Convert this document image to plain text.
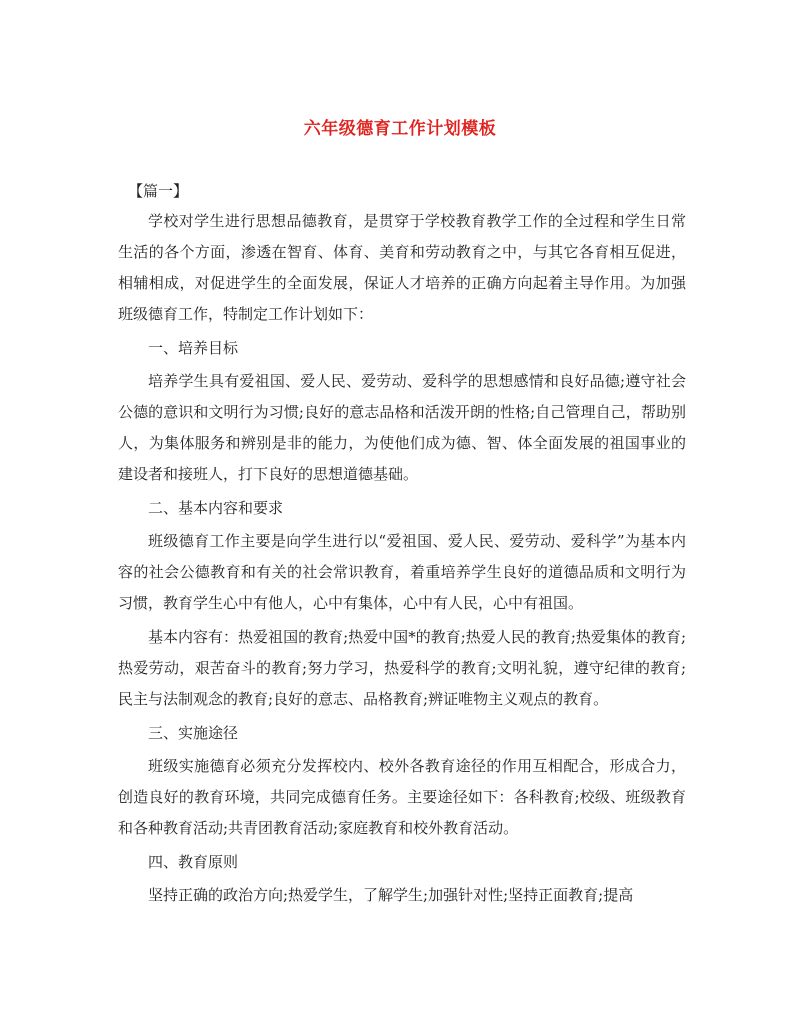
六年级德育工作计划模板

【篇一】

学校对学生进行思想品德教育，是贯穿于学校教育教学工作的全过程和学生日常生活的各个方面，渗透在智育、体育、美育和劳动教育之中，与其它各育相互促进，相辅相成，对促进学生的全面发展，保证人才培养的正确方向起着主导作用。为加强班级德育工作，特制定工作计划如下：

一、培养目标

培养学生具有爱祖国、爱人民、爱劳动、爱科学的思想感情和良好品德;遵守社会公德的意识和文明行为习惯;良好的意志品格和活泼开朗的性格;自己管理自己，帮助别人，为集体服务和辨别是非的能力，为使他们成为德、智、体全面发展的祖国事业的建设者和接班人，打下良好的思想道德基础。

二、基本内容和要求

班级德育工作主要是向学生进行以“爱祖国、爱人民、爱劳动、爱科学”为基本内容的社会公德教育和有关的社会常识教育，着重培养学生良好的道德品质和文明行为习惯，教育学生心中有他人，心中有集体，心中有人民，心中有祖国。

基本内容有：热爱祖国的教育;热爱中国*的教育;热爱人民的教育;热爱集体的教育;热爱劳动，艰苦奋斗的教育;努力学习，热爱科学的教育;文明礼貌，遵守纪律的教育;民主与法制观念的教育;良好的意志、品格教育;辨证唯物主义观点的教育。

三、实施途径

班级实施德育必须充分发挥校内、校外各教育途径的作用互相配合，形成合力，创造良好的教育环境，共同完成德育任务。主要途径如下：各科教育;校级、班级教育和各种教育活动;共青团教育活动;家庭教育和校外教育活动。

四、教育原则

坚持正确的政治方向;热爱学生，了解学生;加强针对性;坚持正面教育;提高
